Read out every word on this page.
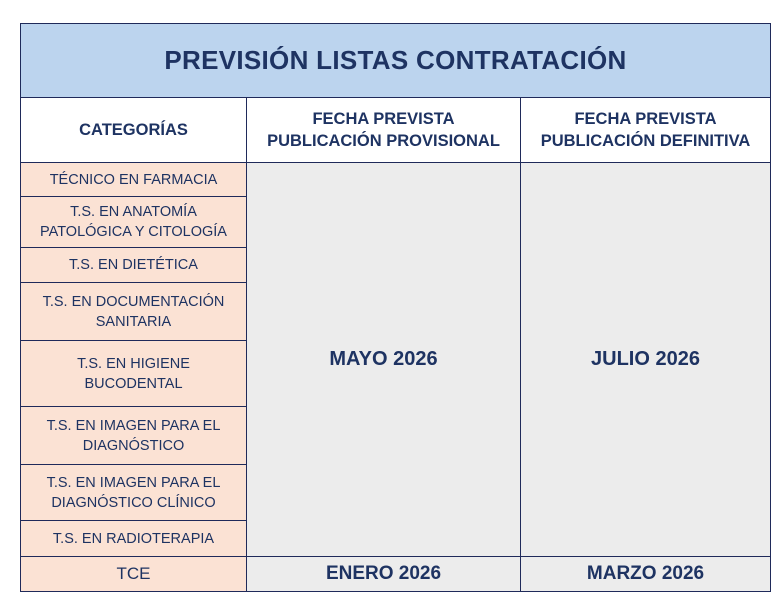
PREVISIÓN LISTAS CONTRATACIÓN		
CATEGORÍAS	FECHA PREVISTA PUBLICACIÓN PROVISIONAL	FECHA PREVISTA PUBLICACIÓN DEFINITIVA
TÉCNICO EN FARMACIA	MAYO 2026	JULIO 2026
T.S. EN ANATOMÍA PATOLÓGICA Y CITOLOGÍA		
T.S. EN DIETÉTICA		
T.S. EN DOCUMENTACIÓN SANITARIA		
T.S. EN HIGIENE BUCODENTAL		
T.S. EN IMAGEN PARA EL DIAGNÓSTICO		
T.S. EN IMAGEN PARA EL DIAGNÓSTICO CLÍNICO		
T.S. EN RADIOTERAPIA		
TCE	ENERO 2026	MARZO 2026
